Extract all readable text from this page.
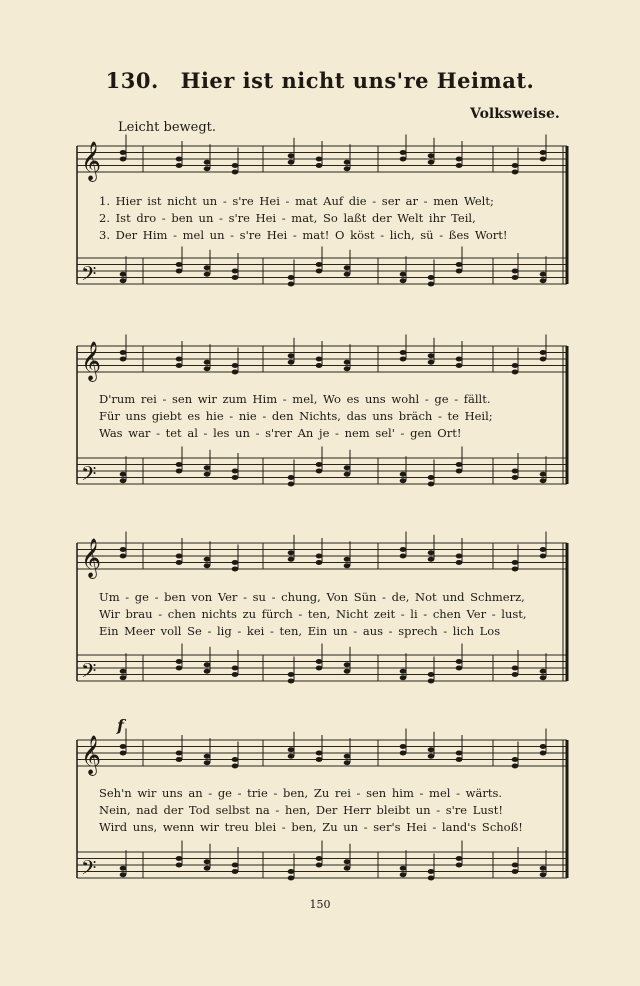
130. Hier ist nicht uns're Heimat.
Leicht bewegt.
Volksweise.
𝄞
𝄢
1. Hier ist nicht un - s're Hei - mat Auf die - ser ar - men Welt;
2. Ist dro - ben un - s're Hei - mat, So laßt der Welt ihr Teil,
3. Der Him - mel un - s're Hei - mat! O köst - lich, sü - ßes Wort!
𝄞
𝄢
D'rum rei - sen wir zum Him - mel, Wo es uns wohl - ge - fällt.
Für uns giebt es hie - nie - den Nichts, das uns bräch - te Heil;
Was war - tet al - les un - s'rer An je - nem sel' - gen Ort!
𝄞
𝄢
Um - ge - ben von Ver - su - chung, Von Sün - de, Not und Schmerz,
Wir brau - chen nichts zu fürch - ten, Nicht zeit - li - chen Ver - lust,
Ein Meer voll Se - lig - kei - ten, Ein un - aus - sprech - lich Los
f
𝄞
𝄢
Seh'n wir uns an - ge - trie - ben, Zu rei - sen him - mel - wärts.
Nein, nad der Tod selbst na - hen, Der Herr bleibt un - s're Lust!
Wird uns, wenn wir treu blei - ben, Zu un - ser's Hei - land's Schoß!
150
